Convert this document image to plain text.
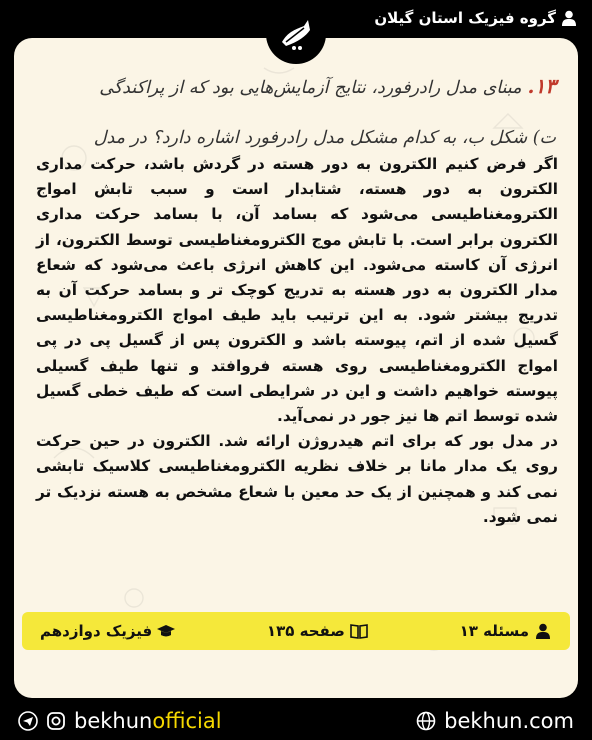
گروه فیزیک استان گیلان
۱۳.مبنای مدل رادرفورد، نتایج آزمایش‌هایی بود که از پراکندگی
ت) شکل ب، به کدام مشکل مدل رادرفورد اشاره دارد؟ در مدل

اگر فرض کنیم الکترون به دور هسته در گردش باشد، حرکت مداری الکترون به دور هسته، شتابدار است و سبب تابش امواج الکترومغناطیسی می‌شود که بسامد آن، با بسامد حرکت مداری الکترون برابر است. با تابش موج الکترومغناطیسی توسط الکترون، از انرژی آن کاسته می‌شود. این کاهش انرژی باعث می‌شود که شعاع مدار الکترون به دور هسته به تدریج کوچک تر و بسامد حرکت آن به تدریج بیشتر شود. به این ترتیب باید طیف امواج الکترومغناطیسی گسیل شده از اتم، پیوسته باشد و الکترون پس از گسیل پی در پی امواج الکترومغناطیسی روی هسته فروافتد و تنها طیف گسیلی پیوسته خواهیم داشت و این در شرایطی است که طیف خطی گسیل شده توسط اتم ها نیز جور در نمی‌آید.

در مدل بور که برای اتم هیدروژن ارائه شد. الکترون در حین حرکت روی یک مدار مانا بر خلاف نظریه الکترومغناطیسی کلاسیک تابشی نمی کند و همچنین از یک حد معین با شعاع مشخص به هسته نزدیک تر نمی شود.

مسئله ۱۳
صفحه ۱۳۵
فیزیک دوازدهم
bekhunofficial	bekhun.com
